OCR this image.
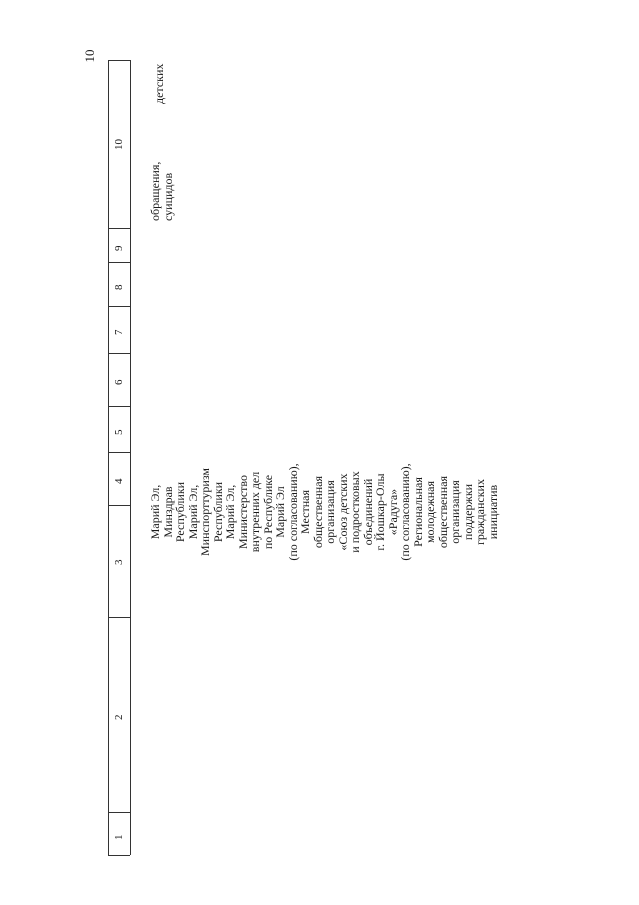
10
10
9
8
7
6
5
4
3
2
1
Марий Эл,
Минздрав
Республики
Марий Эл,
Минспорттуризм
Республики
Марий Эл,
Министерство
внутренних дел
по Республике
Марий Эл
(по согласованию),
Местная
общественная
организация
«Союз детских
и подростковых
объединений
г. Йошкар-Олы
«Радуга»
(по согласованию),
Региональная
молодежная
общественная
организация
поддержки
гражданских
инициатив
детских
обращения,
суицидов
